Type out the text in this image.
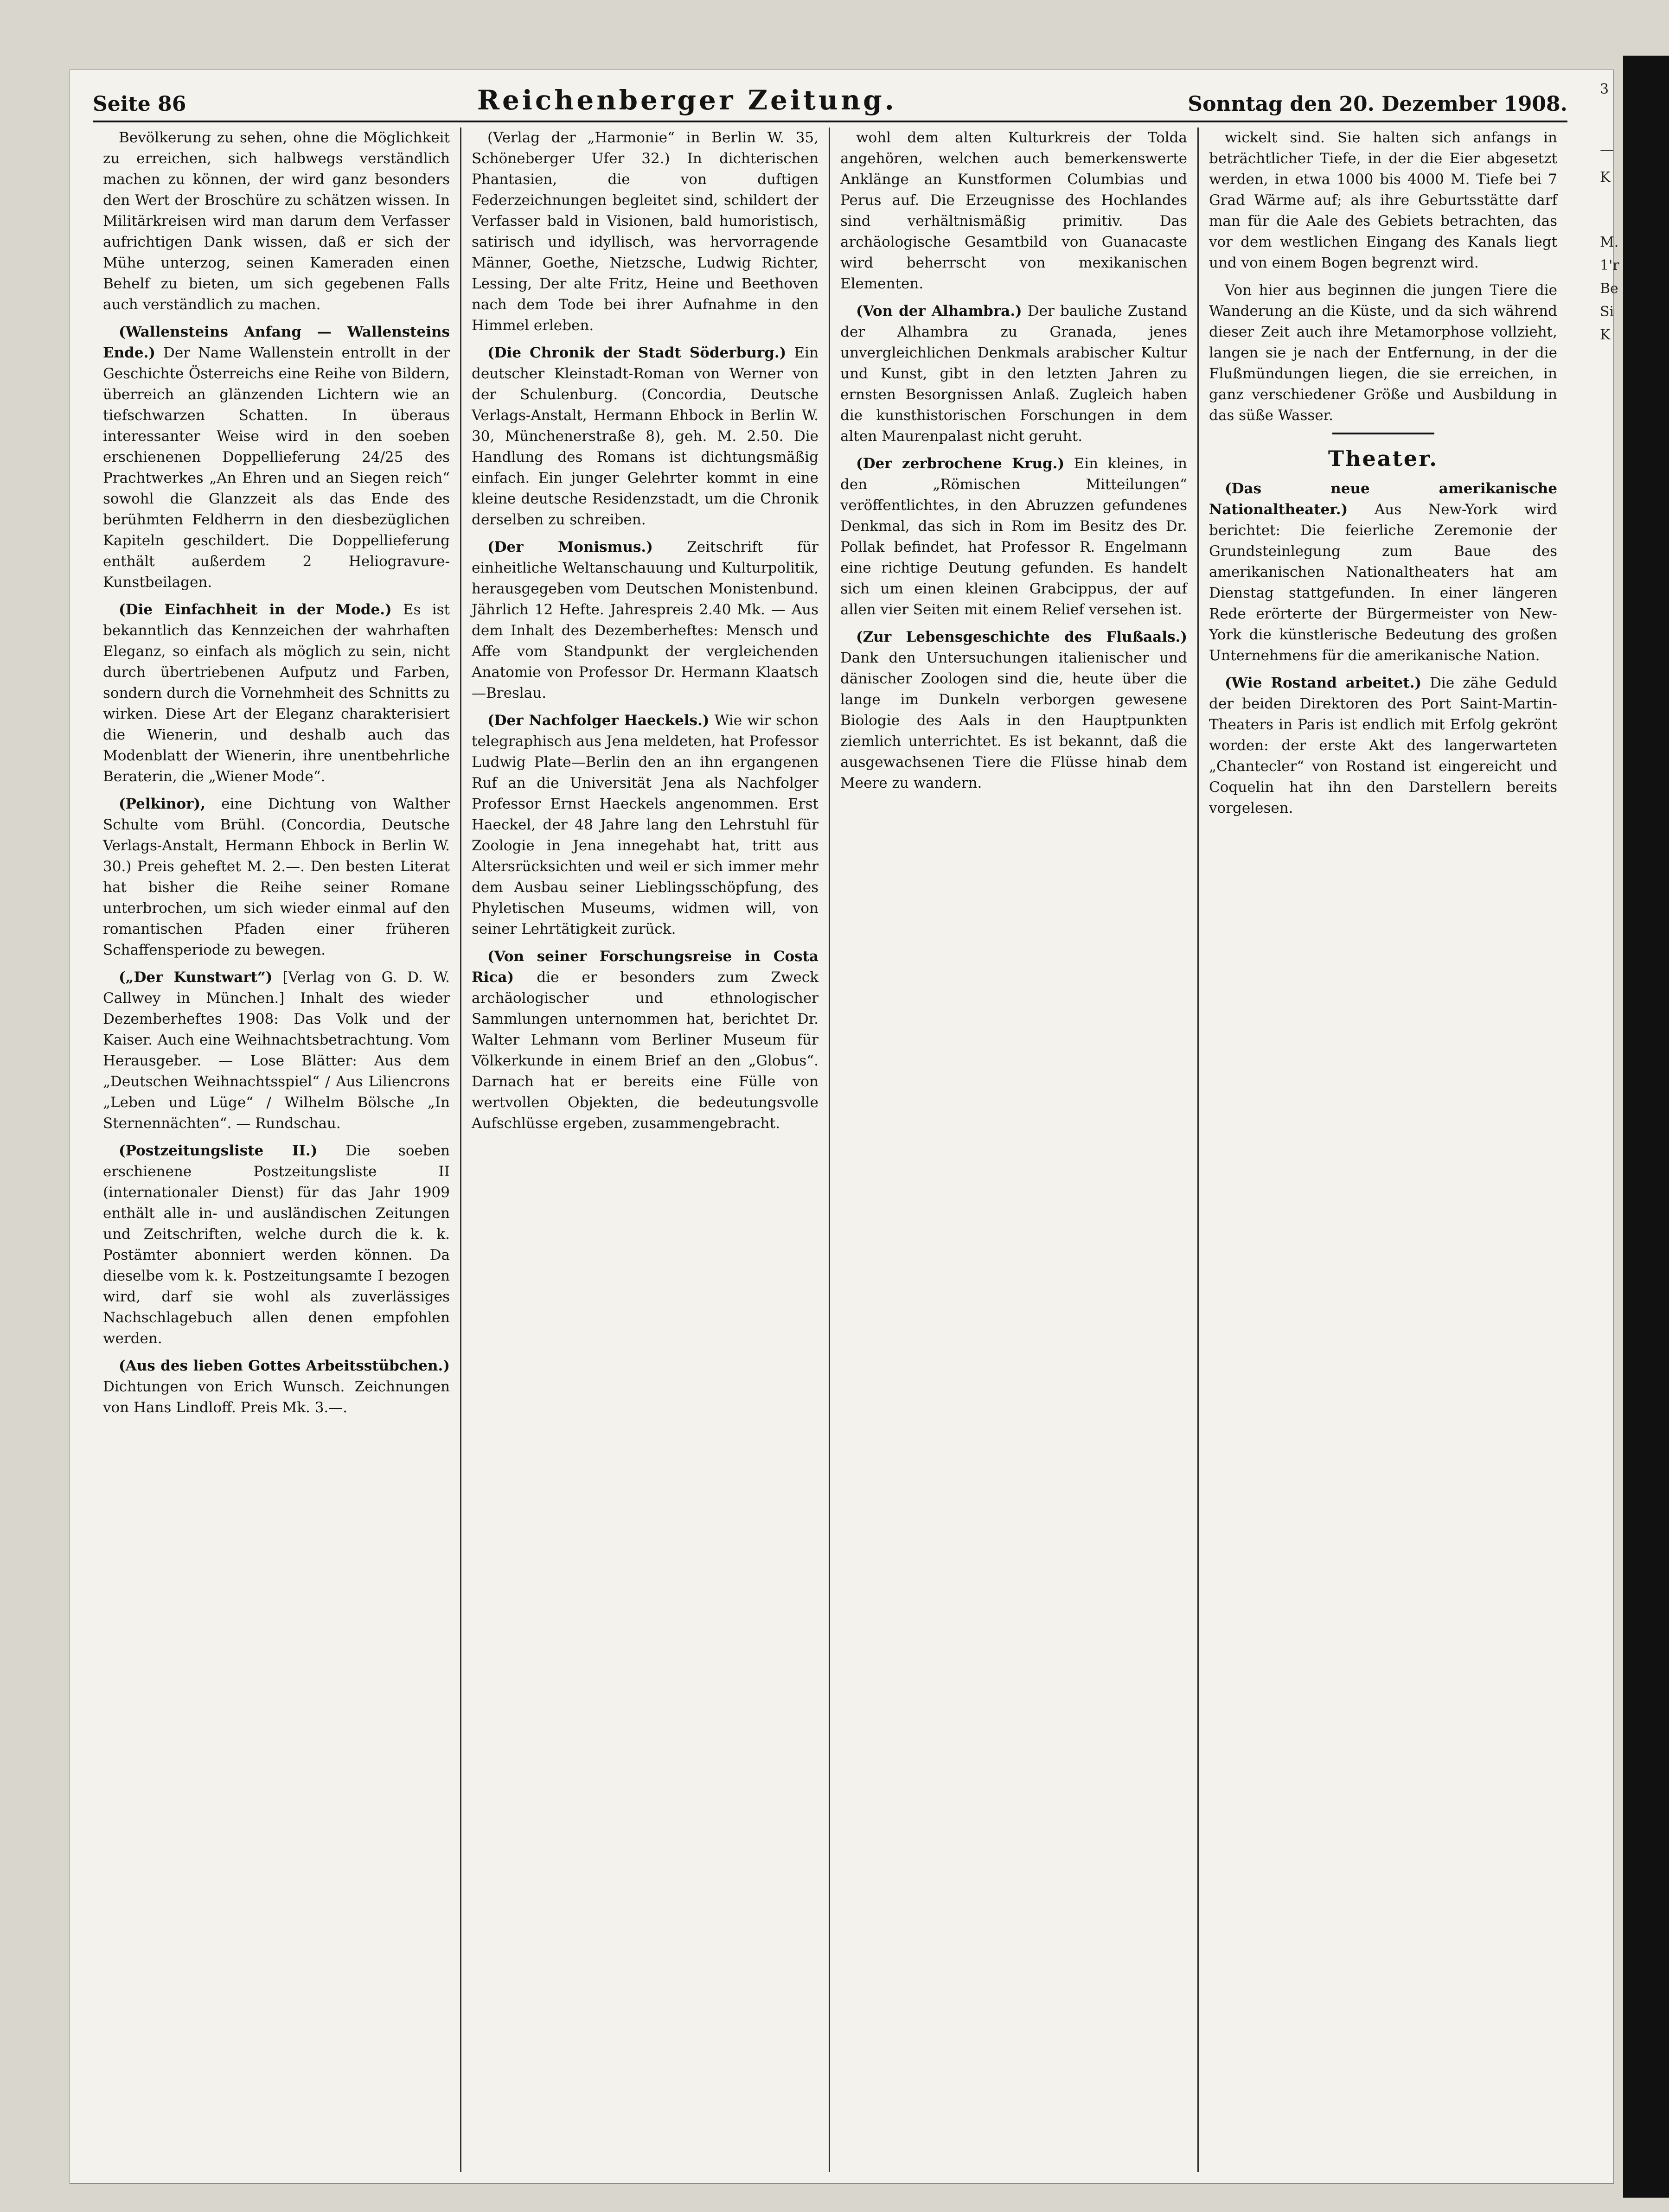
3
—
K
M.
1'r
Be
Si
K
Seite 86	Reichenberger Zeitung.	Sonntag den 20. Dezember 1908.

Bevölkerung zu sehen, ohne die Möglichkeit zu erreichen, sich halbwegs verständlich machen zu können, der wird ganz besonders den Wert der Broschüre zu schätzen wissen. In Militärkreisen wird man darum dem Verfasser aufrichtigen Dank wissen, daß er sich der Mühe unterzog, seinen Kameraden einen Behelf zu bieten, um sich gegebenen Falls auch verständlich zu machen.

(Wallensteins Anfang — Wallensteins Ende.) Der Name Wallenstein entrollt in der Geschichte Österreichs eine Reihe von Bildern, überreich an glänzenden Lichtern wie an tiefschwarzen Schatten. In überaus interessanter Weise wird in den soeben erschienenen Doppellieferung 24/25 des Prachtwerkes „An Ehren und an Siegen reich“ sowohl die Glanzzeit als das Ende des berühmten Feldherrn in den diesbezüglichen Kapiteln geschildert. Die Doppellieferung enthält außerdem 2 Heliogravure-Kunstbeilagen.

(Die Einfachheit in der Mode.) Es ist bekanntlich das Kennzeichen der wahrhaften Eleganz, so einfach als möglich zu sein, nicht durch übertriebenen Aufputz und Farben, sondern durch die Vornehmheit des Schnitts zu wirken. Diese Art der Eleganz charakterisiert die Wienerin, und deshalb auch das Modenblatt der Wienerin, ihre unentbehrliche Beraterin, die „Wiener Mode“.

(Pelkinor), eine Dichtung von Walther Schulte vom Brühl. (Concordia, Deutsche Verlags-Anstalt, Hermann Ehbock in Berlin W. 30.) Preis geheftet M. 2.—. Den besten Literat hat bisher die Reihe seiner Romane unterbrochen, um sich wieder einmal auf den romantischen Pfaden einer früheren Schaffensperiode zu bewegen.

(„Der Kunstwart“) [Verlag von G. D. W. Callwey in München.] Inhalt des wieder Dezemberheftes 1908: Das Volk und der Kaiser. Auch eine Weihnachtsbetrachtung. Vom Herausgeber. — Lose Blätter: Aus dem „Deutschen Weihnachtsspiel“ / Aus Liliencrons „Leben und Lüge“ / Wilhelm Bölsche „In Sternennächten“. — Rundschau.

(Postzeitungsliste II.) Die soeben erschienene Postzeitungsliste II (internationaler Dienst) für das Jahr 1909 enthält alle in- und ausländischen Zeitungen und Zeitschriften, welche durch die k. k. Postämter abonniert werden können. Da dieselbe vom k. k. Postzeitungsamte I bezogen wird, darf sie wohl als zuverlässiges Nachschlagebuch allen denen empfohlen werden.

(Aus des lieben Gottes Arbeitsstübchen.) Dichtungen von Erich Wunsch. Zeichnungen von Hans Lindloff. Preis Mk. 3.—.

(Verlag der „Harmonie“ in Berlin W. 35, Schöneberger Ufer 32.) In dichterischen Phantasien, die von duftigen Federzeichnungen begleitet sind, schildert der Verfasser bald in Visionen, bald humoristisch, satirisch und idyllisch, was hervorragende Männer, Goethe, Nietzsche, Ludwig Richter, Lessing, Der alte Fritz, Heine und Beethoven nach dem Tode bei ihrer Aufnahme in den Himmel erleben.

(Die Chronik der Stadt Söderburg.) Ein deutscher Kleinstadt-Roman von Werner von der Schulenburg. (Concordia, Deutsche Verlags-Anstalt, Hermann Ehbock in Berlin W. 30, Münchenerstraße 8), geh. M. 2.50. Die Handlung des Romans ist dichtungsmäßig einfach. Ein junger Gelehrter kommt in eine kleine deutsche Residenzstadt, um die Chronik derselben zu schreiben.

(Der Monismus.) Zeitschrift für einheitliche Weltanschauung und Kulturpolitik, herausgegeben vom Deutschen Monistenbund. Jährlich 12 Hefte. Jahrespreis 2.40 Mk. — Aus dem Inhalt des Dezemberheftes: Mensch und Affe vom Standpunkt der vergleichenden Anatomie von Professor Dr. Hermann Klaatsch—Breslau.

(Der Nachfolger Haeckels.) Wie wir schon telegraphisch aus Jena meldeten, hat Professor Ludwig Plate—Berlin den an ihn ergangenen Ruf an die Universität Jena als Nachfolger Professor Ernst Haeckels angenommen. Erst Haeckel, der 48 Jahre lang den Lehrstuhl für Zoologie in Jena innegehabt hat, tritt aus Altersrücksichten und weil er sich immer mehr dem Ausbau seiner Lieblingsschöpfung, des Phyletischen Museums, widmen will, von seiner Lehrtätigkeit zurück.

(Von seiner Forschungsreise in Costa Rica) die er besonders zum Zweck archäologischer und ethnologischer Sammlungen unternommen hat, berichtet Dr. Walter Lehmann vom Berliner Museum für Völkerkunde in einem Brief an den „Globus“. Darnach hat er bereits eine Fülle von wertvollen Objekten, die bedeutungsvolle Aufschlüsse ergeben, zusammengebracht.

wohl dem alten Kulturkreis der Tolda angehören, welchen auch bemerkenswerte Anklänge an Kunstformen Columbias und Perus auf. Die Erzeugnisse des Hochlandes sind verhältnismäßig primitiv. Das archäologische Gesamtbild von Guanacaste wird beherrscht von mexikanischen Elementen.

(Von der Alhambra.) Der bauliche Zustand der Alhambra zu Granada, jenes unvergleichlichen Denkmals arabischer Kultur und Kunst, gibt in den letzten Jahren zu ernsten Besorgnissen Anlaß. Zugleich haben die kunsthistorischen Forschungen in dem alten Maurenpalast nicht geruht.

(Der zerbrochene Krug.) Ein kleines, in den „Römischen Mitteilungen“ veröffentlichtes, in den Abruzzen gefundenes Denkmal, das sich in Rom im Besitz des Dr. Pollak befindet, hat Professor R. Engelmann eine richtige Deutung gefunden. Es handelt sich um einen kleinen Grabcippus, der auf allen vier Seiten mit einem Relief versehen ist.

(Zur Lebensgeschichte des Flußaals.) Dank den Untersuchungen italienischer und dänischer Zoologen sind die, heute über die lange im Dunkeln verborgen gewesene Biologie des Aals in den Hauptpunkten ziemlich unterrichtet. Es ist bekannt, daß die ausgewachsenen Tiere die Flüsse hinab dem Meere zu wandern.

wickelt sind. Sie halten sich anfangs in beträchtlicher Tiefe, in der die Eier abgesetzt werden, in etwa 1000 bis 4000 M. Tiefe bei 7 Grad Wärme auf; als ihre Geburtsstätte darf man für die Aale des Gebiets betrachten, das vor dem westlichen Eingang des Kanals liegt und von einem Bogen begrenzt wird.

Von hier aus beginnen die jungen Tiere die Wanderung an die Küste, und da sich während dieser Zeit auch ihre Metamorphose vollzieht, langen sie je nach der Entfernung, in der die Flußmündungen liegen, die sie erreichen, in ganz verschiedener Größe und Ausbildung in das süße Wasser.

Theater.

(Das neue amerikanische Nationaltheater.) Aus New-York wird berichtet: Die feierliche Zeremonie der Grundsteinlegung zum Baue des amerikanischen Nationaltheaters hat am Dienstag stattgefunden. In einer längeren Rede erörterte der Bürgermeister von New-York die künstlerische Bedeutung des großen Unternehmens für die amerikanische Nation.

(Wie Rostand arbeitet.) Die zähe Geduld der beiden Direktoren des Port Saint-Martin-Theaters in Paris ist endlich mit Erfolg gekrönt worden: der erste Akt des langerwarteten „Chantecler“ von Rostand ist eingereicht und Coquelin hat ihn den Darstellern bereits vorgelesen.
